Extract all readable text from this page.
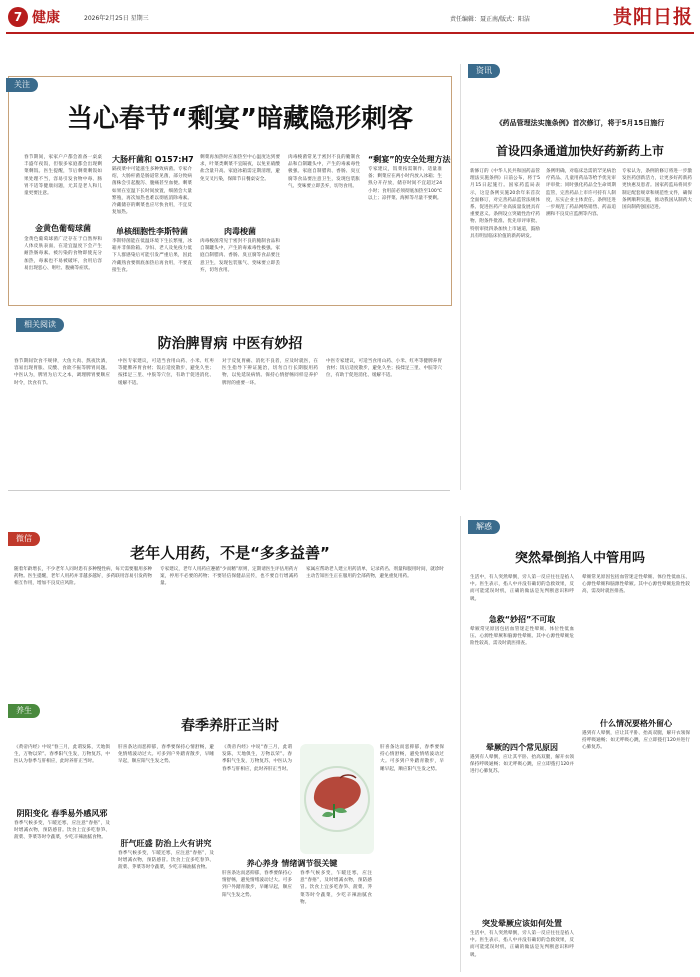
7 健康	2026年2月25日 星期三	责任编辑：聂正南/版式：阳洁	贵阳日报
关注
当心春节“剩宴”暗藏隐形刺客
春节期间，家家户户都会准备一桌桌丰盛年夜饭，但很多家庭都会出现剩菜剩饭。医生提醒，节后剩菜剩饭如果处理不当，容易引发食物中毒、肠胃不适等健康问题，尤其是老人和儿童更要注意。
金黄色葡萄球菌
金黄色葡萄球菌广泛存在于自然界和人体皮肤表面，在适宜温度下会产生耐热肠毒素。被污染的食物即使充分加热，毒素也不易被破坏，食用后容易出现恶心、呕吐、腹痛等症状。
大肠杆菌和 O157:H7
隔夜菜中可能滋生多种致病菌。专家介绍，大肠杆菌是肠道常见菌，部分致病菌株会引起腹泻、腹痛甚至血便。剩菜如果在室温下长时间放置，细菌会大量繁殖，再次加热也难以彻底消除毒素。冷藏储存的剩菜也应尽快食用，不宜反复加热。
单核细胞性李斯特菌
李斯特菌能在低温环境下生长繁殖，冰箱并非保险箱。孕妇、老人及免疫力低下人群感染后可能引发严重后果，因此冷藏熟食要彻底加热后再食用，不要直接生食。
剩菜再加热时应加热至中心温度达到要求，叶菜类剩菜不宜隔夜，以免亚硝酸盐含量升高。家庭冰箱需定期清理，避免交叉污染，保障节日餐桌安全。
肉毒梭菌
肉毒梭菌常见于密封不良的腌制食品和自制罐头中，产生的毒素毒性极强。家庭自制腊肉、香肠、臭豆腐等食品要注意卫生，发现包装胀气、变味要立即丢弃，切勿食用。
肉毒梭菌常见于密封不良的腌制食品和自制罐头中，产生的毒素毒性极强。家庭自制腊肉、香肠、臭豆腐等食品要注意卫生，发现包装胀气、变味要立即丢弃，切勿食用。
“剩宴”的安全处理方法
专家建议，饭菜按需制作、适量准备；剩菜应在两小时内放入冰箱；生熟分开存放，储存时间不宜超过24小时；食用前必须彻底加热至100℃以上；凉拌菜、海鲜等尽量不要剩。
相关阅读
防治脾胃病 中医有妙招
春节期间饮食不规律，大鱼大肉、熬夜饮酒，容易出现胃胀、反酸、食欲不振等脾胃问题。中医认为，脾胃为后天之本，调理脾胃要顺应时令，饮食有节。
中医专家建议，可适当食用山药、小米、红枣等健脾养胃食材；饭后适度散步，避免久坐；按揉足三里、中脘等穴位，有助于促进消化、缓解不适。
对于反复胃痛、消化不良者，应及时就医，在医生指导下辨证施治，切勿自行长期服用药物，以免延误病情。保持心情舒畅同样是养护脾胃的重要一环。
中医专家建议，可适当食用山药、小米、红枣等健脾养胃食材；饭后适度散步，避免久坐；按揉足三里、中脘等穴位，有助于促进消化、缓解不适。
资讯
《药品管理法实施条例》首次修订，将于5月15日施行
首设四条通道加快好药新药上市
新修订的《中华人民共和国药品管理法实施条例》日前公布，将于5月15日起施行。国家药监局表示，这是条例实施20余年来首次全面修订，对完善药品监管法规体系、促进医药产业高质量发展具有重要意义。条例设立突破性治疗药物、附条件批准、优先审评审批、特别审批四条加快上市通道，鼓励具有明显临床价值的新药研发。
条例明确，对临床急需的罕见病治疗药品、儿童用药品等给予优先审评审批；同时强化药品全生命周期监管，完善药品上市许可持有人制度，压实企业主体责任。条例还进一步规范了药品网络销售、药品追溯和不良反应监测等内容。
专家认为，条例的修订将进一步激发医药创新活力，让更多好药新药更快惠及患者。国家药监局将同步制定配套规章和规范性文件，确保条例顺利实施，推动我国从制药大国向制药强国迈进。
微信
老年人用药，不是“多多益善”
随着年龄增长，不少老年人同时患有多种慢性病，每天需要服用多种药物。医生提醒，老年人用药并非越多越好，多药联用容易引发药物相互作用，增加不良反应风险。
专家建议，老年人用药应遵循“少而精”原则，定期请医生评估用药方案，停用不必要的药物；不要轻信保健品宣传，也不要自行增减药量。
家属应帮助老人建立用药清单，记录药名、剂量和服用时间，就诊时主动告知医生正在服用的全部药物，避免重复用药。
养生
春季养肝正当时
《黄帝内经》中说“春三月，此谓发陈，天地俱生，万物以荣”。春季阳气生发，万物复苏，中医认为春季与肝相应，此时养肝正当时。
阴阳变化 春季易外感风邪
春季气候多变，乍暖还寒，应注意“春捂”，及时增减衣物，预防感冒。饮食上宜多吃春笋、菠菜、荠菜等时令蔬菜，少吃辛辣油腻食物。
肝喜条达而恶抑郁，春季要保持心情舒畅，避免情绪波动过大。可多到户外踏青散步，早睡早起，顺应阳气生发之势。
肝气旺盛 防治上火有讲究
春季气候多变，乍暖还寒，应注意“春捂”，及时增减衣物，预防感冒。饮食上宜多吃春笋、菠菜、荠菜等时令蔬菜，少吃辛辣油腻食物。
《黄帝内经》中说“春三月，此谓发陈，天地俱生，万物以荣”。春季阳气生发，万物复苏，中医认为春季与肝相应，此时养肝正当时。
养心养身 情绪调节很关键
肝喜条达而恶抑郁，春季要保持心情舒畅，避免情绪波动过大。可多到户外踏青散步，早睡早起，顺应阳气生发之势。
春季气候多变，乍暖还寒，应注意“春捂”，及时增减衣物，预防感冒。饮食上宜多吃春笋、菠菜、荠菜等时令蔬菜，少吃辛辣油腻食物。
肝喜条达而恶抑郁，春季要保持心情舒畅，避免情绪波动过大。可多到户外踏青散步，早睡早起，顺应阳气生发之势。
解惑
突然晕倒掐人中管用吗
生活中，有人突然晕倒，旁人第一反应往往是掐人中。医生表示，掐人中并没有确切的急救效果，反而可能延误时机，正确的做法是先判断意识和呼吸。
急救“妙招”不可取
晕厥常见原因包括血管迷走性晕厥、体位性低血压、心源性晕厥和脑源性晕厥。其中心源性晕厥危险性较高，需及时就医排查。
晕厥的四个常见原因
遇到有人晕倒，应让其平卧、抬高双腿，解开衣领保持呼吸通畅；如无呼吸心跳，应立即拨打120并进行心肺复苏。
突发晕厥应该如何处置
生活中，有人突然晕倒，旁人第一反应往往是掐人中。医生表示，掐人中并没有确切的急救效果，反而可能延误时机，正确的做法是先判断意识和呼吸。
晕厥常见原因包括血管迷走性晕厥、体位性低血压、心源性晕厥和脑源性晕厥。其中心源性晕厥危险性较高，需及时就医排查。
什么情况要格外留心
遇到有人晕倒，应让其平卧、抬高双腿，解开衣领保持呼吸通畅；如无呼吸心跳，应立即拨打120并进行心肺复苏。
